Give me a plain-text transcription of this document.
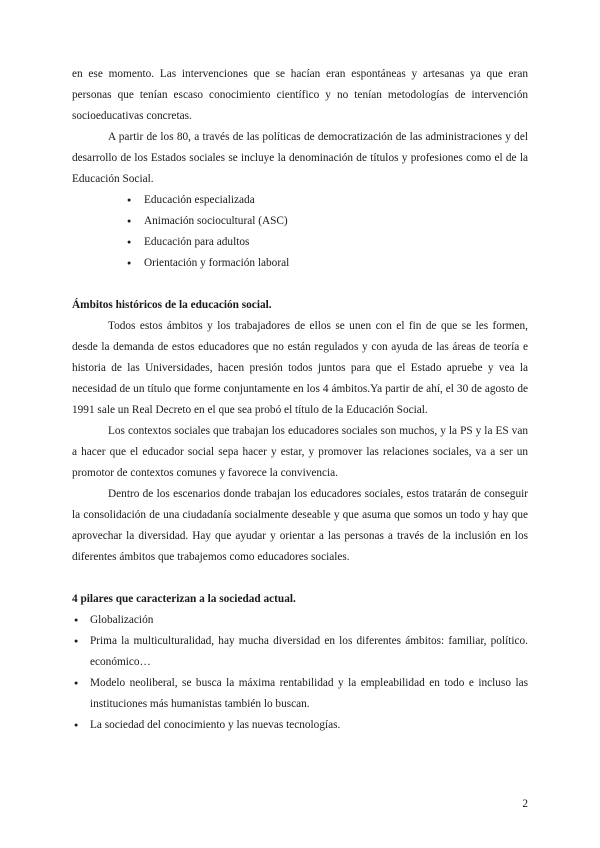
en ese momento. Las intervenciones que se hacían eran espontáneas y artesanas ya que eran personas que tenían escaso conocimiento científico y no tenían metodologías de intervención socioeducativas concretas.

A partir de los 80, a través de las políticas de democratización de las administraciones y del desarrollo de los Estados sociales se incluye la denominación de títulos y profesiones como el de la Educación Social.

● Educación especializada
● Animación sociocultural (ASC)
● Educación para adultos
● Orientación y formación laboral
Ámbitos históricos de la educación social.

Todos estos ámbitos y los trabajadores de ellos se unen con el fin de que se les formen, desde la demanda de estos educadores que no están regulados y con ayuda de las áreas de teoría e historia de las Universidades, hacen presión todos juntos para que el Estado apruebe y vea la necesidad de un título que forme conjuntamente en los 4 ámbitos.Ya partir de ahí, el 30 de agosto de 1991 sale un Real Decreto en el que sea probó el título de la Educación Social.

Los contextos sociales que trabajan los educadores sociales son muchos, y la PS y la ES van a hacer que el educador social sepa hacer y estar, y promover las relaciones sociales, va a ser un promotor de contextos comunes y favorece la convivencia.

Dentro de los escenarios donde trabajan los educadores sociales, estos tratarán de conseguir la consolidación de una ciudadanía socialmente deseable y que asuma que somos un todo y hay que aprovechar la diversidad. Hay que ayudar y orientar a las personas a través de la inclusión en los diferentes ámbitos que trabajemos como educadores sociales.

4 pilares que caracterizan a la sociedad actual.
● Globalización
● Prima la multiculturalidad, hay mucha diversidad en los diferentes ámbitos: familiar, político. económico…
● Modelo neoliberal, se busca la máxima rentabilidad y la empleabilidad en todo e incluso las instituciones más humanistas también lo buscan.
● La sociedad del conocimiento y las nuevas tecnologías.
2
